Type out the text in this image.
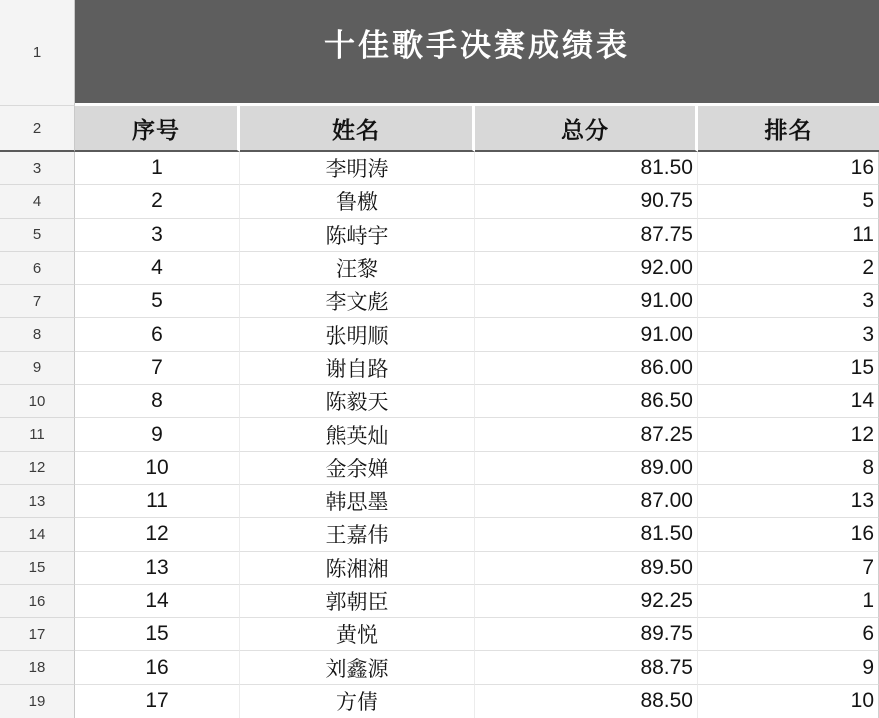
1	十佳歌手决赛成绩表
2	序号	姓名	总分	排名
3	1	李明涛	81.50	16
4	2	鲁檄	90.75	5
5	3	陈峙宇	87.75	11
6	4	汪黎	92.00	2
7	5	李文彪	91.00	3
8	6	张明顺	91.00	3
9	7	谢自路	86.00	15
10	8	陈毅天	86.50	14
11	9	熊英灿	87.25	12
12	10	金余婵	89.00	8
13	11	韩思墨	87.00	13
14	12	王嘉伟	81.50	16
15	13	陈湘湘	89.50	7
16	14	郭朝臣	92.25	1
17	15	黄悦	89.75	6
18	16	刘鑫源	88.75	9
19	17	方倩	88.50	10
